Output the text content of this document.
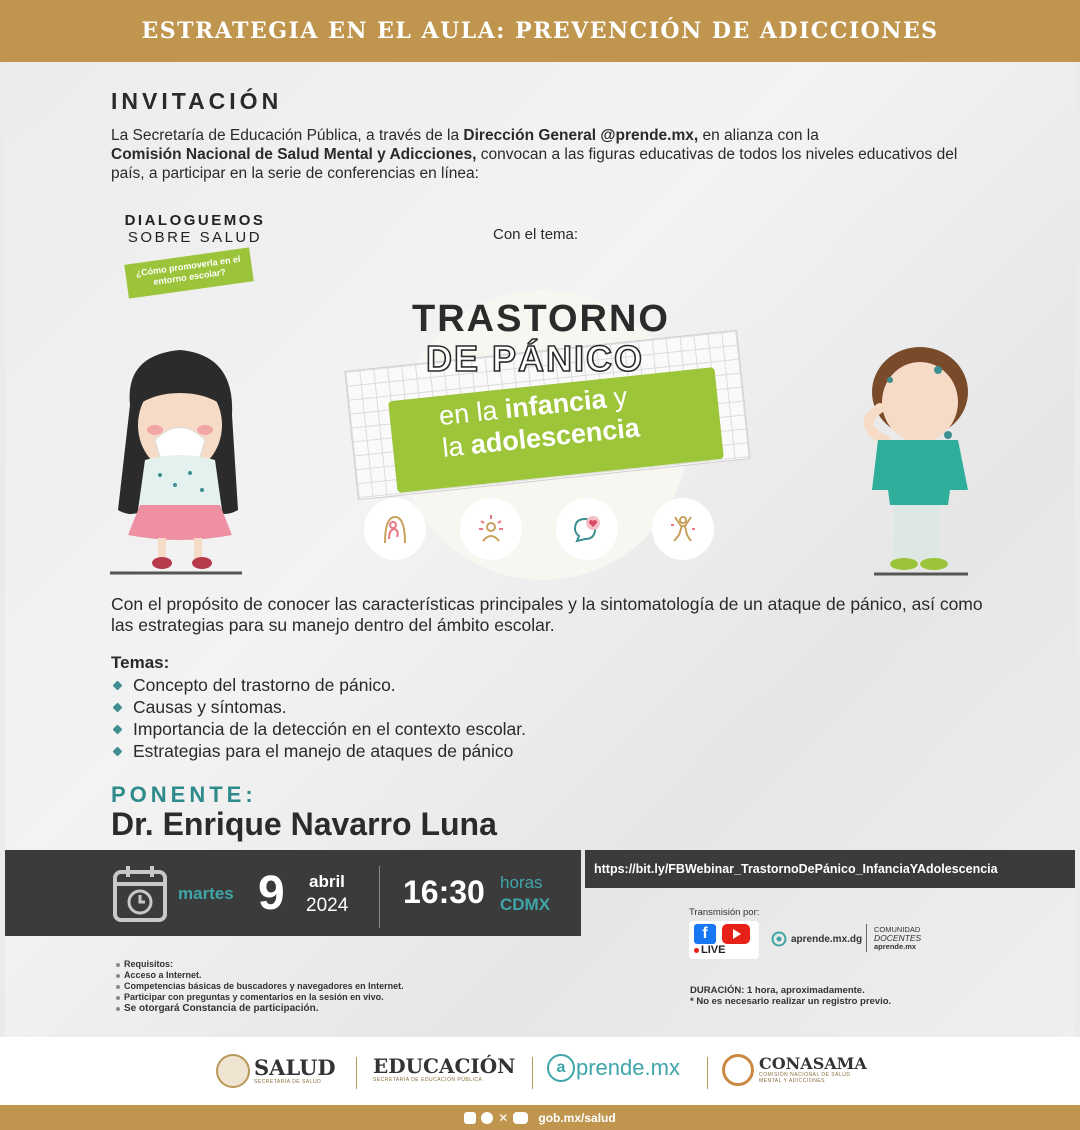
ESTRATEGIA EN EL AULA: PREVENCIÓN DE ADICCIONES
INVITACIÓN

La Secretaría de Educación Pública, a través de la Dirección General @prende.mx, en alianza con la
Comisión Nacional de Salud Mental y Adicciones, convocan a las figuras educativas de todos los niveles educativos del país, a participar en la serie de conferencias en línea:

DIALOGUEMOS
SOBRE SALUD
¿Cómo promoverla en el entorno escolar?
Con el tema:
TRASTORNO
DE PÁNICO
en la infancia y
la adolescencia

Con el propósito de conocer las características principales y la sintomatología de un ataque de pánico, así como las estrategias para su manejo dentro del ámbito escolar.

Temas:
Concepto del trastorno de pánico.
Causas y síntomas.
Importancia de la detección en el contexto escolar.
Estrategias para el manejo de ataques de pánico
PONENTE:
Dr. Enrique Navarro Luna
martes 9 abril
2024 16:30 horas
CDMX
https://bit.ly/FBWebinar_TrastornoDePánico_InfanciaYAdolescencia
Transmisión por:
f
LIVE
aprende.mx.dg
COMUNIDAD
DOCENTES
aprende.mx
Requisitos:
Acceso a Internet.
Competencias básicas de buscadores y navegadores en Internet.
Participar con preguntas y comentarios en la sesión en vivo.
Se otorgará Constancia de participación.
DURACIÓN: 1 hora, aproximadamente.
* No es necesario realizar un registro previo.
SALUD
SECRETARÍA DE SALUD
EDUCACIÓN
SECRETARÍA DE EDUCACIÓN PÚBLICA
a prende.mx	CONASAMA
COMISIÓN NACIONAL DE SALUD MENTAL Y ADICCIONES
✕	gob.mx/salud
